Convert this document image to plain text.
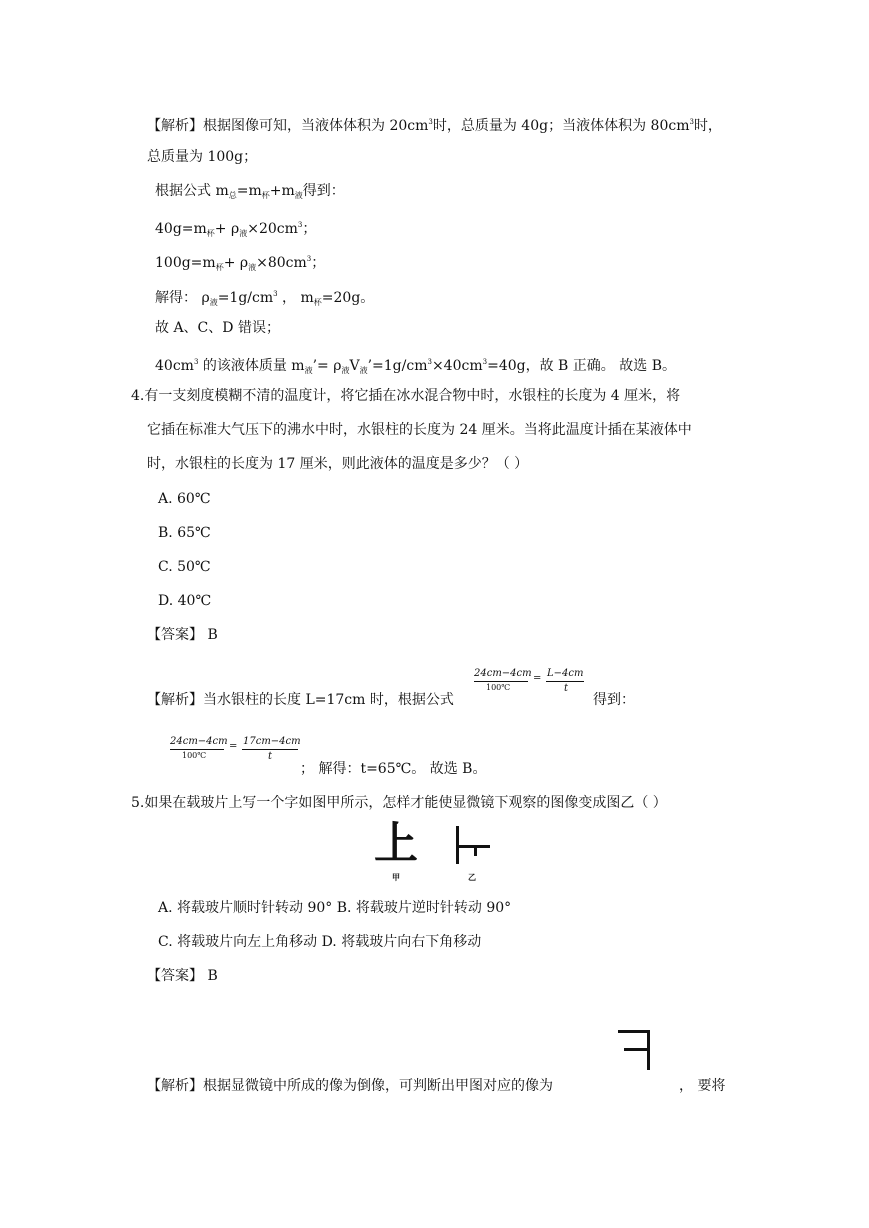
【解析】根据图像可知，当液体体积为 $20cm^3$时，总质量为 40g；当液体体积为 $80cm^3$时，
总质量为 100g；
根据公式 $m_总=m_杯+m_液$得到：
$40g=m_杯+ \rho_液\times 20cm^3$；
$100g=m_杯+ \rho_液\times 80cm^3$；
解得： $\rho_液=1g/cm^3$ ， $m_杯=20g$。
故 A、C、D 错误；
$40cm^3$ 的该液体质量 $m_液’=$ $\rho_液V_液’=1g/cm^3\times 40cm^3=40g$，故 B 正确。 故选 B。
4.有一支刻度模糊不清的温度计，将它插在冰水混合物中时，水银柱的长度为 4 厘米，将
它插在标准大气压下的沸水中时，水银柱的长度为 24 厘米。当将此温度计插在某液体中
时，水银柱的长度为 17 厘米，则此液体的温度是多少？（ ）
A. 60℃
B. 65℃
C. 50℃
D. 40℃
【答案】 B
【解析】当水银柱的长度 L=17cm 时，根据公式
24cm−4cm
100℃
= L−4cm
t
得到：
24cm−4cm
100℃
= 17cm−4cm
t
； 解得：t=65℃。 故选 B。
5.如果在载玻片上写一个字如图甲所示，怎样才能使显微镜下观察的图像变成图乙（ ）
上
甲	乙
A. 将载玻片顺时针转动 90° B. 将载玻片逆时针转动 90°
C. 将载玻片向左上角移动 D. 将载玻片向右下角移动
【答案】 B
【解析】根据显微镜中所成的像为倒像，可判断出甲图对应的像为	， 要将
